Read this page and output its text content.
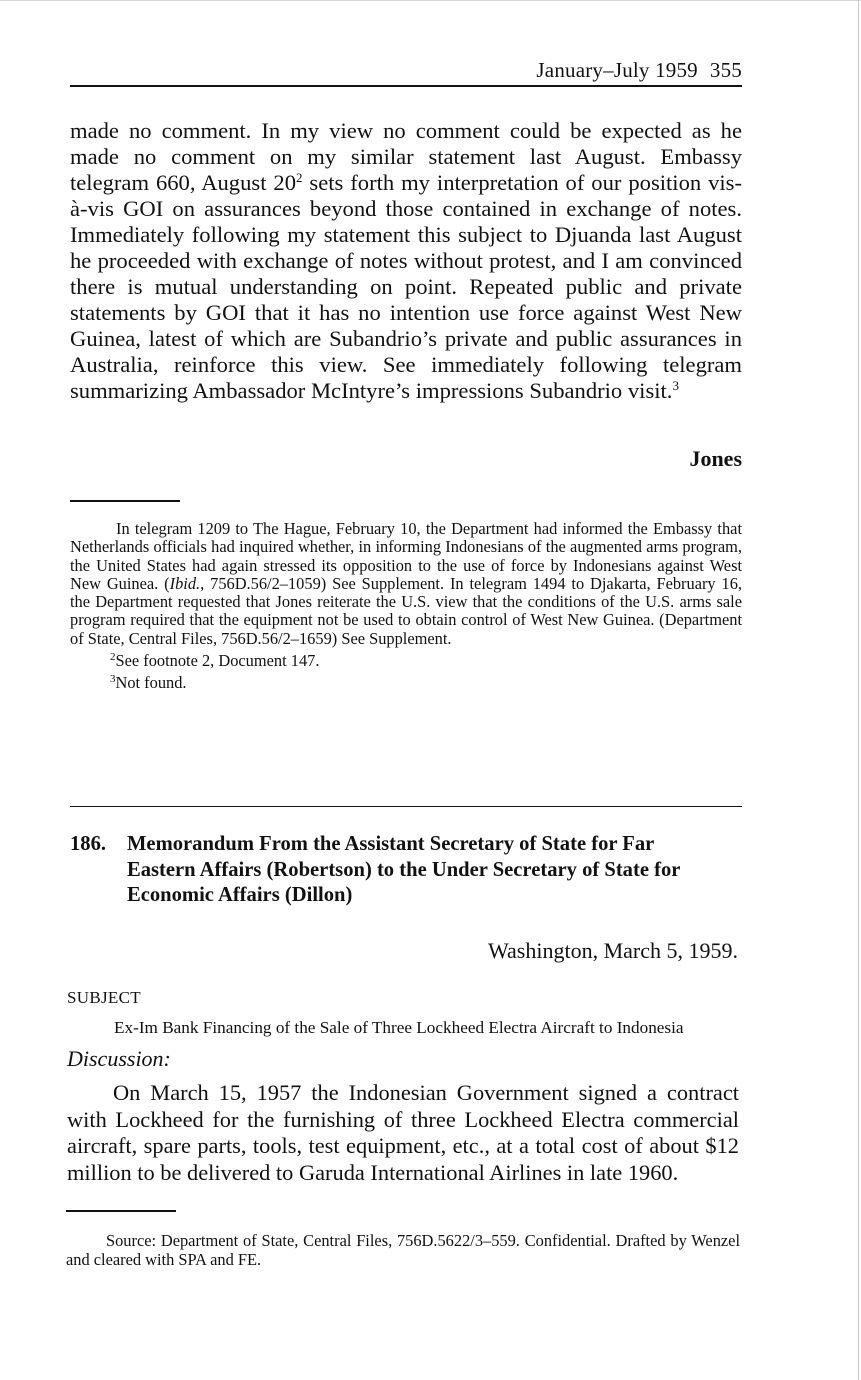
January–July 1959 355

made no comment. In my view no comment could be expected as he made no comment on my similar statement last August. Embassy telegram 660, August $20^2$ sets forth my interpretation of our position vis-à-vis GOI on assurances beyond those contained in exchange of notes. Immediately following my statement this subject to Djuanda last August he proceeded with exchange of notes without protest, and I am convinced there is mutual understanding on point. Repeated public and private statements by GOI that it has no intention use force against West New Guinea, latest of which are Subandrio’s private and public assurances in Australia, reinforce this view. See immediately following telegram summarizing Ambassador McIntyre’s impressions Subandrio visit.$^3$

Jones

In telegram 1209 to The Hague, February 10, the Department had informed the Embassy that Netherlands officials had inquired whether, in informing Indonesians of the augmented arms program, the United States had again stressed its opposition to the use of force by Indonesians against West New Guinea. (Ibid., 756D.56/2–1059) See Supplement. In telegram 1494 to Djakarta, February 16, the Department requested that Jones reiterate the U.S. view that the conditions of the U.S. arms sale program required that the equipment not be used to obtain control of West New Guinea. (Department of State, Central Files, 756D.56/2–1659) See Supplement.

$^2$See footnote 2, Document 147.

$^3$Not found.

186. Memorandum From the Assistant Secretary of State for Far Eastern Affairs (Robertson) to the Under Secretary of State for Economic Affairs (Dillon)
Washington, March 5, 1959.
SUBJECT
Ex-Im Bank Financing of the Sale of Three Lockheed Electra Aircraft to Indonesia
Discussion:

On March 15, 1957 the Indonesian Government signed a contract with Lockheed for the furnishing of three Lockheed Electra commercial aircraft, spare parts, tools, test equipment, etc., at a total cost of about $12 million to be delivered to Garuda International Airlines in late 1960.

Source: Department of State, Central Files, 756D.5622/3–559. Confidential. Drafted by Wenzel and cleared with SPA and FE.
